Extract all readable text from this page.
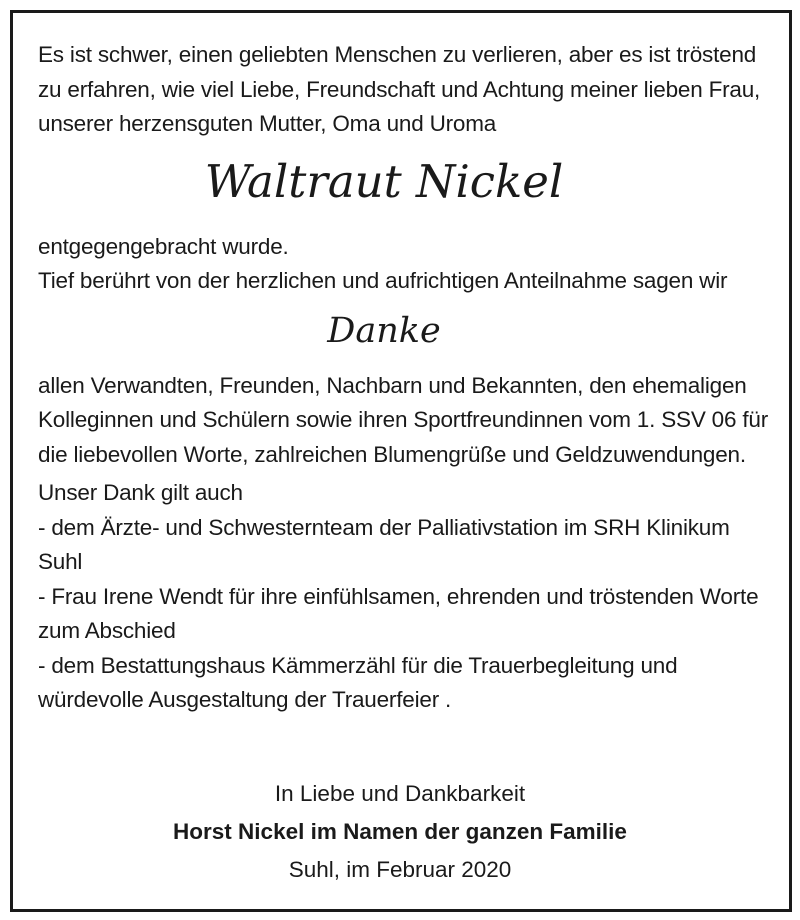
Es ist schwer, einen geliebten Menschen zu verlieren, aber es ist tröstend zu erfahren, wie viel Liebe, Freundschaft und Achtung meiner lieben Frau, unserer herzensguten Mutter, Oma und Uroma

Waltraut Nickel

entgegengebracht wurde.

Tief berührt von der herzlichen und aufrichtigen Anteilnahme sagen wir

Danke

allen Verwandten, Freunden, Nachbarn und Bekannten, den ehemaligen Kolleginnen und Schülern sowie ihren Sportfreundinnen vom 1. SSV 06 für die liebevollen Worte, zahlreichen Blumengrüße und Geldzuwendungen.

Unser Dank gilt auch

- dem Ärzte- und Schwesternteam der Palliativstation im SRH Klinikum Suhl
- Frau Irene Wendt für ihre einfühlsamen, ehrenden und tröstenden Worte zum Abschied
- dem Bestattungshaus Kämmerzähl für die Trauerbegleitung und würdevolle Ausgestaltung der Trauerfeier .
In Liebe und Dankbarkeit
Horst Nickel im Namen der ganzen Familie
Suhl, im Februar 2020
